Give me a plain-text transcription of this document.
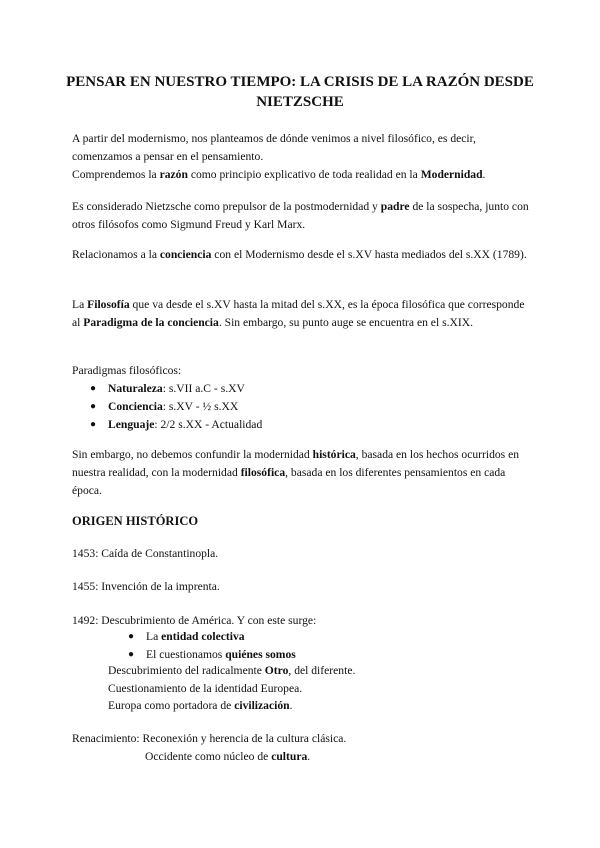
PENSAR EN NUESTRO TIEMPO: LA CRISIS DE LA RAZÓN DESDE NIETZSCHE
A partir del modernismo, nos planteamos de dónde venimos a nivel filosófico, es decir,
comenzamos a pensar en el pensamiento.
Comprendemos la razón como principio explicativo de toda realidad en la Modernidad.
Es considerado Nietzsche como prepulsor de la postmodernidad y padre de la sospecha, junto con otros filósofos como Sigmund Freud y Karl Marx.
Relacionamos a la conciencia con el Modernismo desde el s.XV hasta mediados del s.XX (1789).
La Filosofía que va desde el s.XV hasta la mitad del s.XX, es la época filosófica que corresponde al Paradigma de la conciencia. Sin embargo, su punto auge se encuentra en el s.XIX.
Paradigmas filosóficos:
● Naturaleza: s.VII a.C - s.XV
● Conciencia: s.XV - ½ s.XX
● Lenguaje: 2/2 s.XX - Actualidad
Sin embargo, no debemos confundir la modernidad histórica, basada en los hechos ocurridos en nuestra realidad, con la modernidad filosófica, basada en los diferentes pensamientos en cada época.
ORIGEN HISTÓRICO
1453: Caída de Constantinopla.
1455: Invención de la imprenta.
1492: Descubrimiento de América. Y con este surge:
● La entidad colectiva
● El cuestionamos quiénes somos
Descubrimiento del radicalmente Otro, del diferente.
Cuestionamiento de la identidad Europea.
Europa como portadora de civilización.
Renacimiento: Reconexión y herencia de la cultura clásica.
Occidente como núcleo de cultura.
